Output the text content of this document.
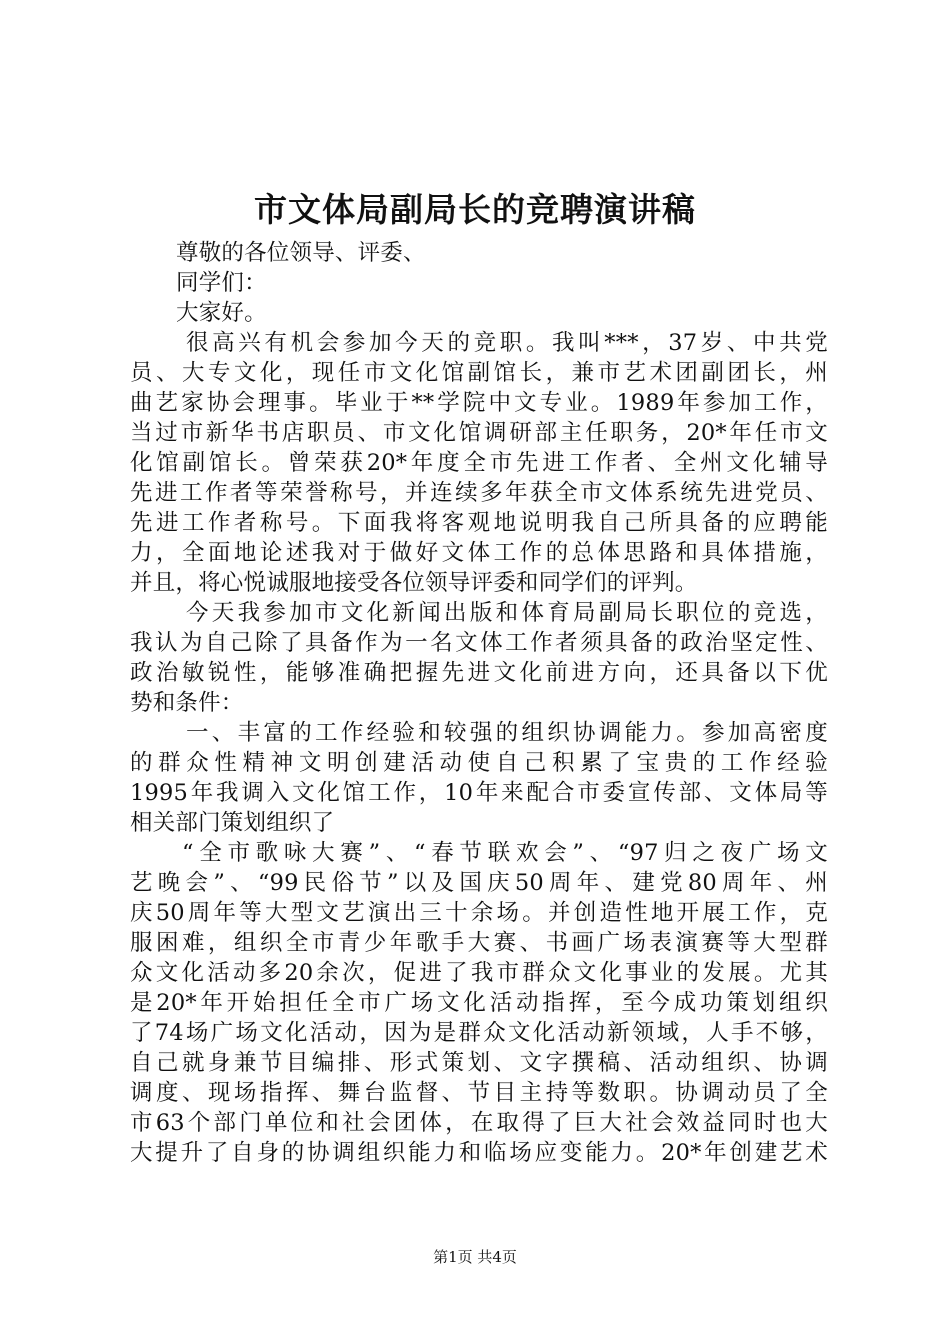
市文体局副局长的竞聘演讲稿
尊敬的各位领导、评委、
同学们：
大家好。
很高兴有机会参加今天的竞职。我叫***，37岁、中共党
员、大专文化，现任市文化馆副馆长，兼市艺术团副团长，州
曲艺家协会理事。毕业于**学院中文专业。1989年参加工作，
当过市新华书店职员、市文化馆调研部主任职务，20*年任市文
化馆副馆长。曾荣获20*年度全市先进工作者、全州文化辅导
先进工作者等荣誉称号，并连续多年获全市文体系统先进党员、
先进工作者称号。下面我将客观地说明我自己所具备的应聘能
力，全面地论述我对于做好文体工作的总体思路和具体措施，
并且，将心悦诚服地接受各位领导评委和同学们的评判。
今天我参加市文化新闻出版和体育局副局长职位的竞选，
我认为自己除了具备作为一名文体工作者须具备的政治坚定性、
政治敏锐性，能够准确把握先进文化前进方向，还具备以下优
势和条件：
一、丰富的工作经验和较强的组织协调能力。参加高密度
的群众性精神文明创建活动使自己积累了宝贵的工作经验
1995年我调入文化馆工作，10年来配合市委宣传部、文体局等
相关部门策划组织了
“全市歌咏大赛”、“春节联欢会”、“97归之夜广场文
艺晚会”、“99民俗节”以及国庆50周年、建党80周年、州
庆50周年等大型文艺演出三十余场。并创造性地开展工作，克
服困难，组织全市青少年歌手大赛、书画广场表演赛等大型群
众文化活动多20余次，促进了我市群众文化事业的发展。尤其
是20*年开始担任全市广场文化活动指挥，至今成功策划组织
了74场广场文化活动，因为是群众文化活动新领域，人手不够，
自己就身兼节目编排、形式策划、文字撰稿、活动组织、协调
调度、现场指挥、舞台监督、节目主持等数职。协调动员了全
市63个部门单位和社会团体，在取得了巨大社会效益同时也大
大提升了自身的协调组织能力和临场应变能力。20*年创建艺术
第1页 共4页
